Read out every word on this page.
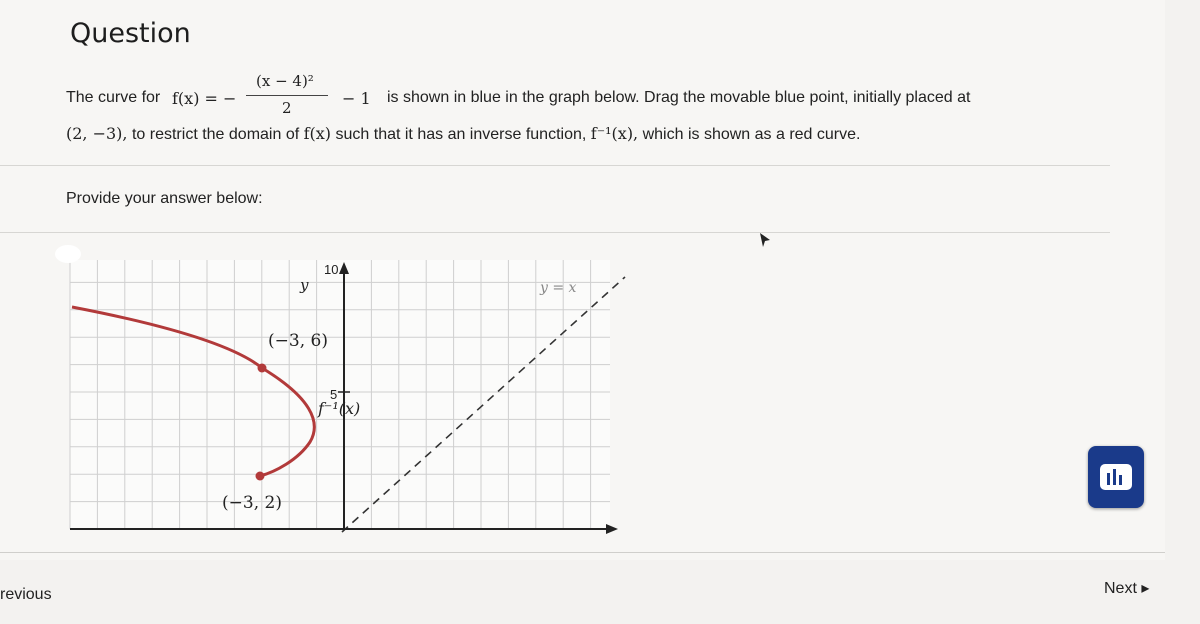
Question
The curve for f(x) = −
(x − 4)²
2	− 1 is shown in blue in the graph below. Drag the movable blue point, initially placed at
(2, −3), to restrict the domain of f(x) such that it has an inverse function, f⁻¹(x), which is shown as a red curve.
Provide your answer below:
10
5
y
(−3, 6)
(−3, 2)
f⁻¹(x)
y = x
revious	Next ▸
